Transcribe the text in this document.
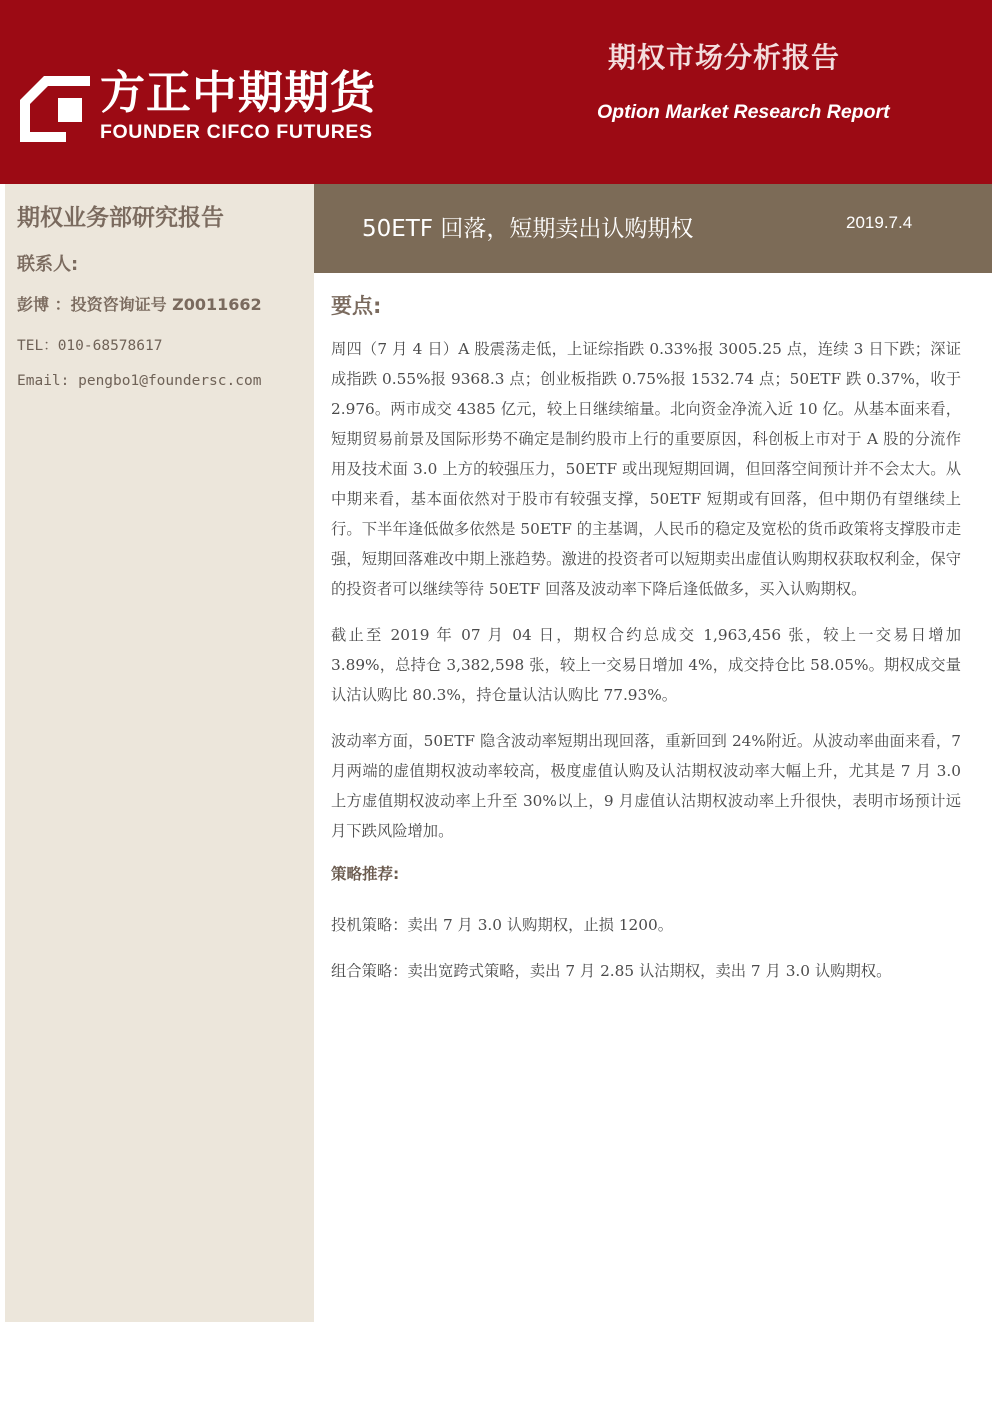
方正中期期货
FOUNDER CIFCO FUTURES
期权市场分析报告
Option Market Research Report
期权业务部研究报告
联系人:
彭博 ：投资咨询证号 Z0011662
TEL：010-68578617
Email: pengbo1@foundersc.com
50ETF 回落，短期卖出认购期权	2019.7.4
要点:

周四（7 月 4 日）A 股震荡走低，上证综指跌 0.33%报 3005.25 点，连续 3 日下跌；深证成指跌 0.55%报 9368.3 点；创业板指跌 0.75%报 1532.74 点；50ETF 跌 0.37%，收于 2.976。两市成交 4385 亿元，较上日继续缩量。北向资金净流入近 10 亿。从基本面来看，短期贸易前景及国际形势不确定是制约股市上行的重要原因，科创板上市对于 A 股的分流作用及技术面 3.0 上方的较强压力，50ETF 或出现短期回调，但回落空间预计并不会太大。从中期来看，基本面依然对于股市有较强支撑，50ETF 短期或有回落，但中期仍有望继续上行。下半年逢低做多依然是 50ETF 的主基调，人民币的稳定及宽松的货币政策将支撑股市走强，短期回落难改中期上涨趋势。激进的投资者可以短期卖出虚值认购期权获取权利金，保守的投资者可以继续等待 50ETF 回落及波动率下降后逢低做多，买入认购期权。

截止至 2019 年 07 月 04 日，期权合约总成交 1,963,456 张，较上一交易日增加 3.89%，总持仓 3,382,598 张，较上一交易日增加 4%，成交持仓比 58.05%。期权成交量认沽认购比 80.3%，持仓量认沽认购比 77.93%。

波动率方面，50ETF 隐含波动率短期出现回落，重新回到 24%附近。从波动率曲面来看，7 月两端的虚值期权波动率较高，极度虚值认购及认沽期权波动率大幅上升，尤其是 7 月 3.0 上方虚值期权波动率上升至 30%以上，9 月虚值认沽期权波动率上升很快，表明市场预计远月下跌风险增加。

策略推荐:

投机策略：卖出 7 月 3.0 认购期权，止损 1200。

组合策略：卖出宽跨式策略，卖出 7 月 2.85 认沽期权，卖出 7 月 3.0 认购期权。
